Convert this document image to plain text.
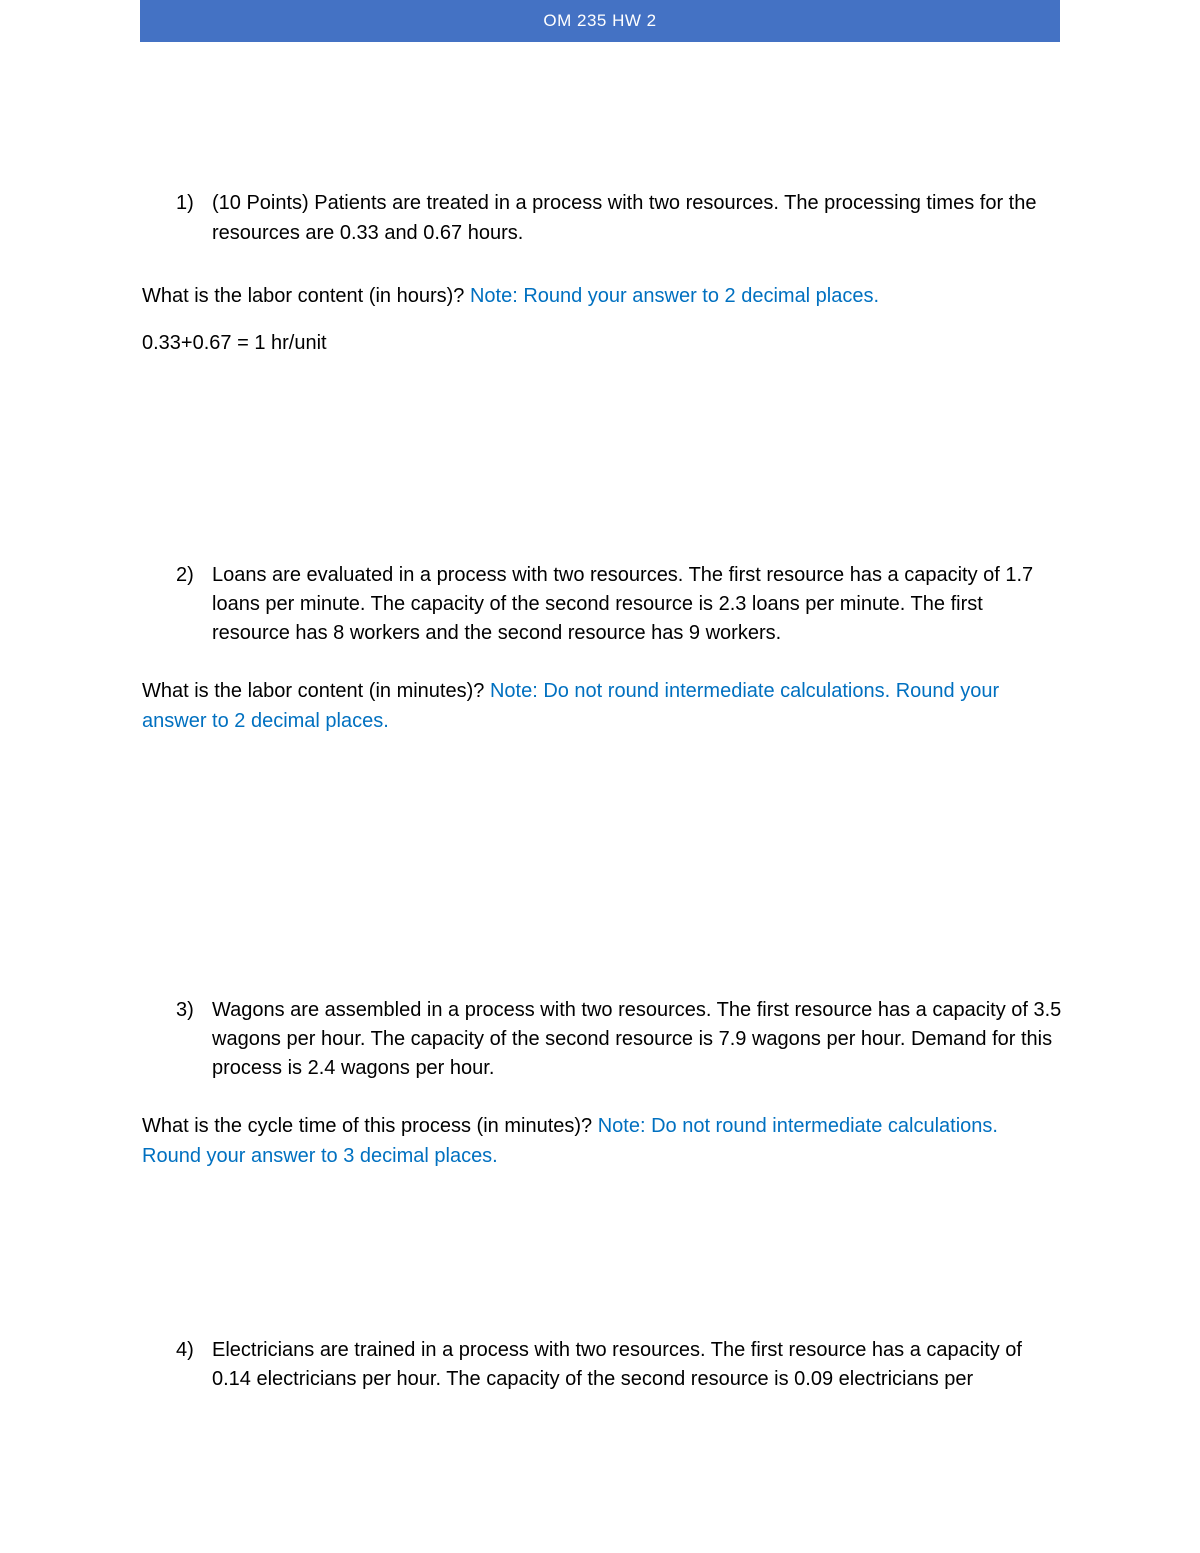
OM 235 HW 2
1) (10 Points) Patients are treated in a process with two resources. The processing times for the resources are 0.33 and 0.67 hours.
What is the labor content (in hours)? Note: Round your answer to 2 decimal places.
0.33+0.67 = 1 hr/unit
2) Loans are evaluated in a process with two resources. The first resource has a capacity of 1.7 loans per minute. The capacity of the second resource is 2.3 loans per minute. The first resource has 8 workers and the second resource has 9 workers.
What is the labor content (in minutes)? Note: Do not round intermediate calculations. Round your answer to 2 decimal places.
3) Wagons are assembled in a process with two resources. The first resource has a capacity of 3.5 wagons per hour. The capacity of the second resource is 7.9 wagons per hour. Demand for this process is 2.4 wagons per hour.
What is the cycle time of this process (in minutes)? Note: Do not round intermediate calculations. Round your answer to 3 decimal places.
4) Electricians are trained in a process with two resources. The first resource has a capacity of 0.14 electricians per hour. The capacity of the second resource is 0.09 electricians per
